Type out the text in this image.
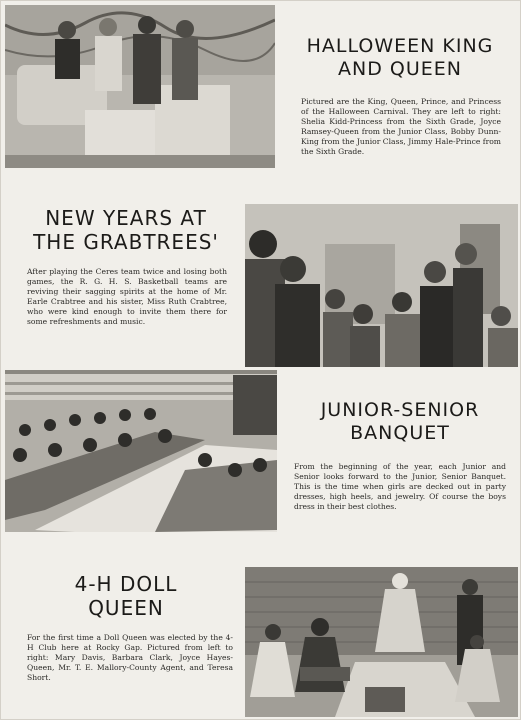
HALLOWEEN KING
AND QUEEN

Pictured are the King, Queen, Prince, and Princess of the Halloween Carnival. They are left to right: Shelia Kidd-Princess from the Sixth Grade, Joyce Ramsey-Queen from the Junior Class, Bobby Dunn-King from the Junior Class, Jimmy Hale-Prince from the Sixth Grade.

NEW YEARS AT
THE GRABTREES'

After playing the Ceres team twice and losing both games, the R. G. H. S. Basketball teams are reviving their sagging spirits at the home of Mr. Earle Crabtree and his sister, Miss Ruth Crabtree, who were kind enough to invite them there for some refreshments and music.

JUNIOR-SENIOR
BANQUET

From the beginning of the year, each Junior and Senior looks forward to the Junior, Senior Banquet. This is the time when girls are decked out in party dresses, high heels, and jewelry. Of course the boys dress in their best clothes.

4-H DOLL
QUEEN

For the first time a Doll Queen was elected by the 4-H Club here at Rocky Gap. Pictured from left to right: Mary Davis, Barbara Clark, Joyce Hayes-Queen, Mr. T. E. Mallory-County Agent, and Teresa Short.
